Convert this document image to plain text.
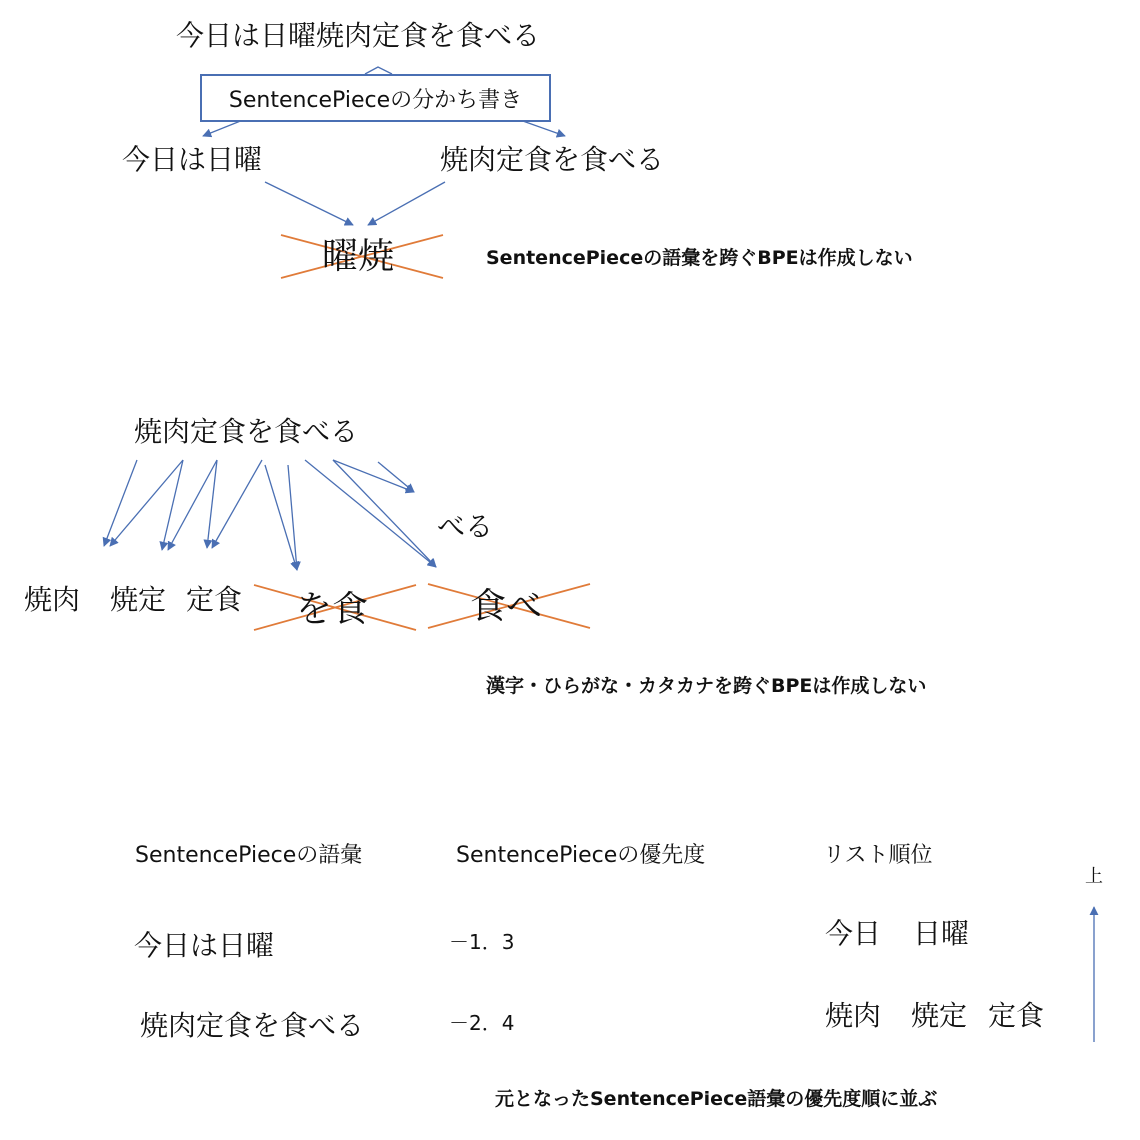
今日は日曜焼肉定食を食べる
SentencePieceの分かち書き
今日は日曜	焼肉定食を食べる
曜焼	SentencePieceの語彙を跨ぐBPEは作成しない
焼肉定食を食べる
べる
焼肉 焼定 定食 を食	食べ
漢字・ひらがな・カタカナを跨ぐBPEは作成しない
SentencePieceの語彙	SentencePieceの優先度	リスト順位
上
今日は日曜	－1．3	今日 日曜
焼肉定食を食べる	－2．4	焼肉 焼定 定食
元となったSentencePiece語彙の優先度順に並ぶ
